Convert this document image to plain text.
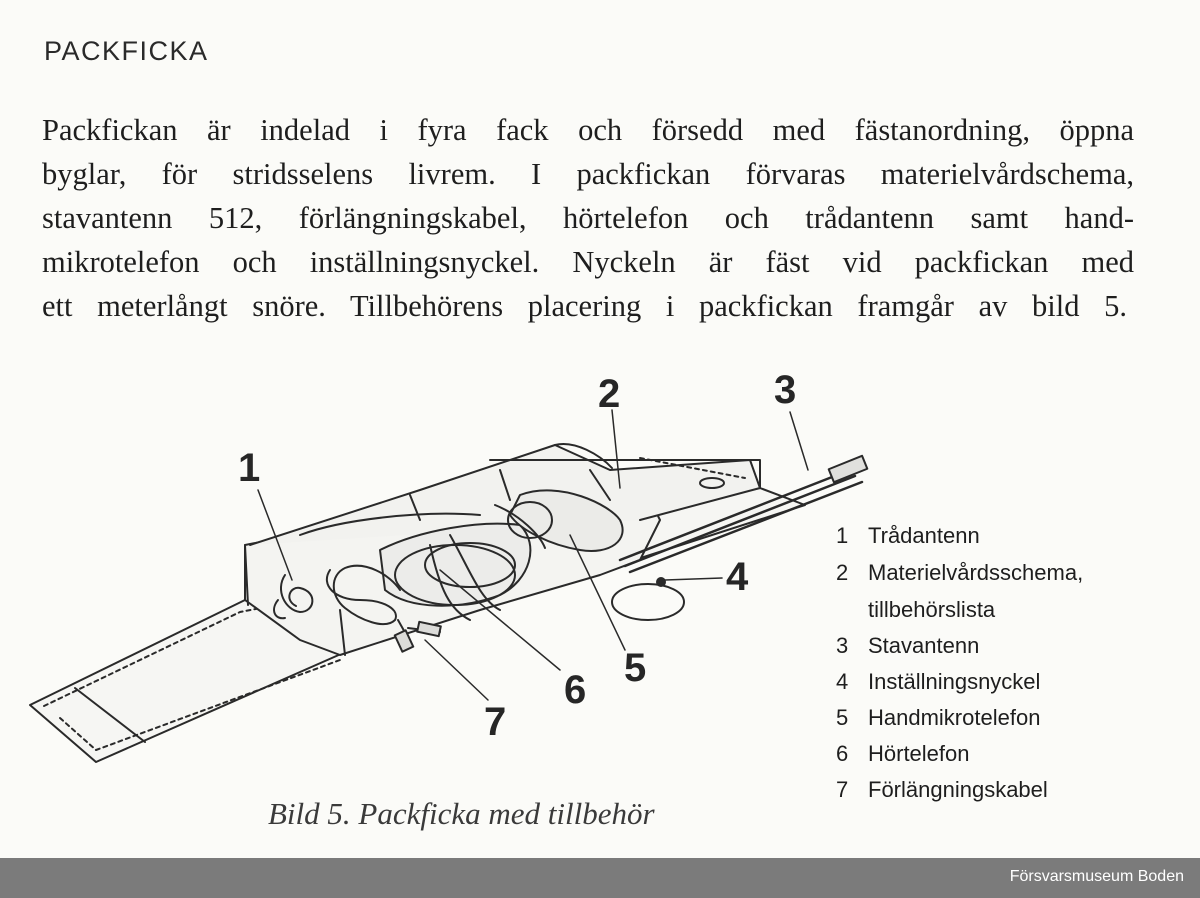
PACKFICKA
Packfickan är indelad i fyra fack och försedd med fästanordning, öppna
byglar, för stridsselens livrem. I packfickan förvaras materielvårdschema,
stavantenn 512, förlängningskabel, hörtelefon och trådantenn samt hand-
mikrotelefon och inställningsnyckel. Nyckeln är fäst vid packfickan med
ett meterlångt snöre. Tillbehörens placering i packfickan framgår av bild 5.
1
2	3
4
5
6
7
Bild 5. Packficka med tillbehör
1 Trådantenn
2 Materielvårdsschema,
tillbehörslista
3 Stavantenn
4 Inställningsnyckel
5 Handmikrotelefon
6 Hörtelefon
7 Förlängningskabel
Försvarsmuseum Boden
